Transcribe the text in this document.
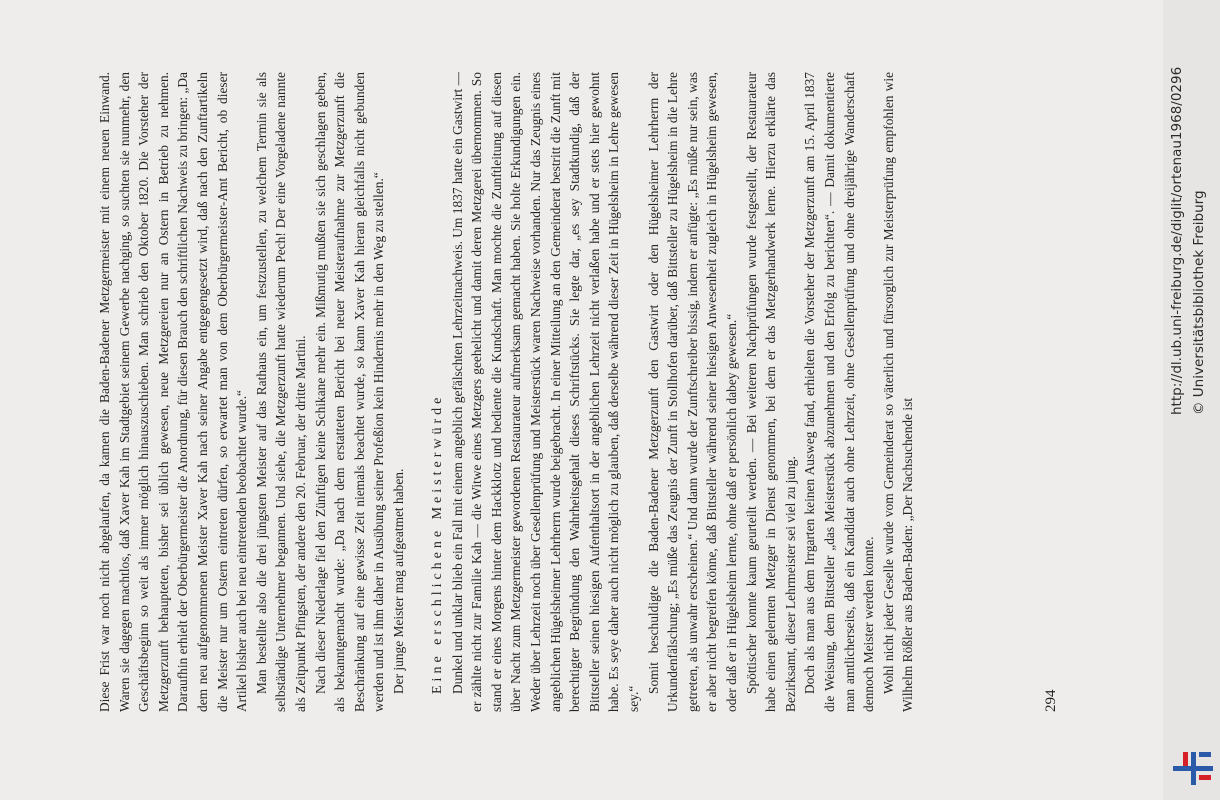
Diese Frist war noch nicht abgelaufen, da kamen die Baden-Badener Metzgermeister mit einem neuen Einwand. Waren sie dagegen machtlos, daß Xaver Kah im Stadtgebiet seinem Gewerbe nachging, so suchten sie nunmehr, den Geschäftsbeginn so weit als immer möglich hinauszuschieben. Man schrieb den Oktober 1820. Die Vorsteher der Metzgerzunft behaupteten, bisher sei üblich gewesen, neue Metzgereien nur an Ostern in Betrieb zu nehmen. Daraufhin erhielt der Oberbürgermeister die Anordnung, für diesen Brauch den schriftlichen Nachweis zu bringen: „Da dem neu aufgenommenen Meister Xaver Kah nach seiner Angabe entgegengesetzt wird, daß nach den Zunftartikeln die Meister nur um Ostern eintreten dürfen, so erwartet man von dem Oberbürgermeister-Amt Bericht, ob dieser Artikel bisher auch bei neu eintretenden beobachtet wurde.“ Man bestellte also die drei jüngsten Meister auf das Rathaus ein, um festzustellen, zu welchem Termin sie als selbständige Unternehmer begannen. Und siehe, die Metzgerzunft hatte wiederum Pech! Der eine Vorgeladene nannte als Zeitpunkt Pfingsten, der andere den 20. Februar, der dritte Martini. Nach dieser Niederlage fiel den Zünftigen keine Schikane mehr ein. Mißmutig mußten sie sich geschlagen geben, als bekanntgemacht wurde: „Da nach dem erstatteten Bericht bei neuer Meisteraufnahme zur Metzgerzunft die Beschränkung auf eine gewisse Zeit niemals beachtet wurde, so kann Xaver Kah hieran gleichfalls nicht gebunden werden und ist ihm daher in Ausübung seiner Profeßion kein Hindernis mehr in den Weg zu stellen.“ Der junge Meister mag aufgeatmet haben. Eine erschlichene Meisterwürde Dunkel und unklar blieb ein Fall mit einem angeblich gefälschten Lehrzeitnachweis. Um 1837 hatte ein Gastwirt — er zählte nicht zur Familie Kah — die Witwe eines Metzgers geehelicht und damit deren Metzgerei übernommen. So stand er eines Morgens hinter dem Hackklotz und bediente die Kundschaft. Man mochte die Zunftleitung auf diesen über Nacht zum Metzgermeister gewordenen Restaurateur aufmerksam gemacht haben. Sie holte Erkundigungen ein. Weder über Lehrzeit noch über Gesellenprüfung und Meisterstück waren Nachweise vorhanden. Nur das Zeugnis eines angeblichen Hügelsheimer Lehrherrn wurde beigebracht. In einer Mitteilung an den Gemeinderat bestritt die Zunft mit berechtigter Begründung den Wahrheitsgehalt dieses Schriftstücks. Sie legte dar, „es sey Stadtkundig, daß der Bittsteller seinen hiesigen Aufenthaltsort in der angeblichen Lehrzeit nicht verlaßen habe und er stets hier gewohnt habe. Es seye daher auch nicht möglich zu glauben, daß derselbe während dieser Zeit in Hügelsheim in Lehre gewesen sey.“

Somit beschuldigte die Baden-Badener Metzgerzunft den Gastwirt oder den Hügelsheimer Lehrherrn der Urkundenfälschung; „Es müße das Zeugnis der Zunft in Stollhofen darüber, daß Bittsteller zu Hügelsheim in die Lehre getreten, als unwahr erscheinen.“ Und dann wurde der Zunftschreiber bissig, indem er anfügte: „Es müße nur sein, was er aber nicht begreifen könne, daß Bittsteller während seiner hiesigen Anwesenheit zugleich in Hügelsheim gewesen, oder daß er in Hügelsheim lernte, ohne daß er persönlich dabey gewesen.“ Spöttischer konnte kaum geurteilt werden. — Bei weiteren Nachprüfungen wurde festgestellt, der Restaurateur habe einen gelernten Metzger in Dienst genommen, bei dem er das Metzgerhandwerk lerne. Hierzu erklärte das Bezirksamt, dieser Lehrmeister sei viel zu jung. Doch als man aus dem Irrgarten keinen Ausweg fand, erhielten die Vorsteher der Metzgerzunft am 15. April 1837 die Weisung, dem Bittsteller „das Meisterstück abzunehmen und den Erfolg zu berichten“. — Damit dokumentierte man amtlicherseits, daß ein Kandidat auch ohne Lehrzeit, ohne Gesellenprüfung und ohne dreijährige Wanderschaft dennoch Meister werden konnte. Wohl nicht jeder Geselle wurde vom Gemeinderat so väterlich und fürsorglich zur Meisterprüfung empfohlen wie Wilhelm Rößler aus Baden-Baden: „Der Nachsuchende ist	294
http://dl.ub.uni-freiburg.de/diglit/ortenau1968/0296 © Universitätsbibliothek Freiburg
